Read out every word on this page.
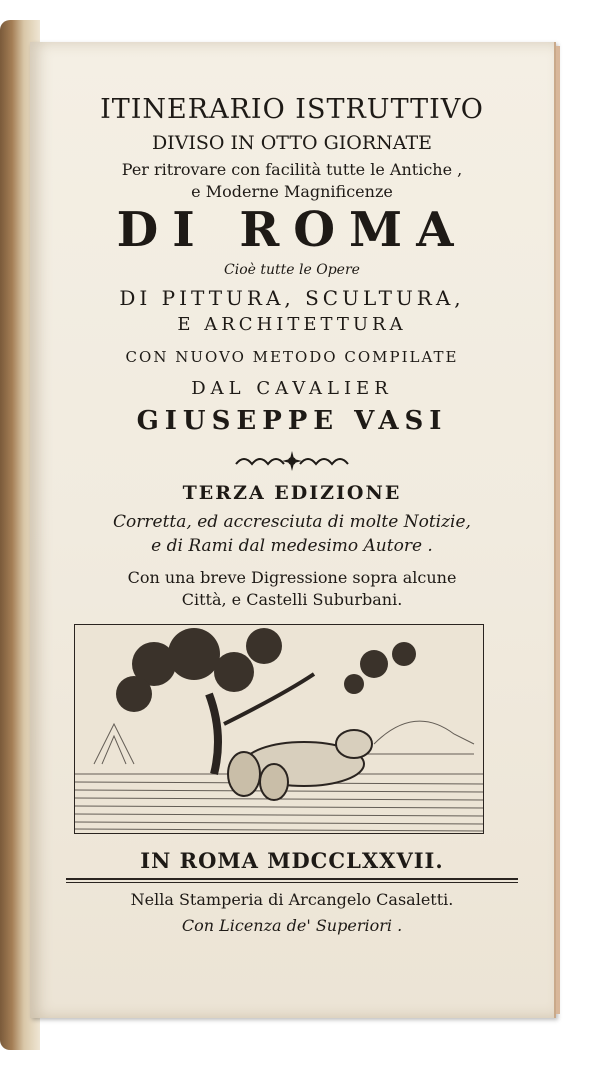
ITINERARIO ISTRUTTIVO
DIVISO IN OTTO GIORNATE
Per ritrovare con facilità tutte le Antiche ,
e Moderne Magnificenze
DI ROMA
Cioè tutte le Opere
DI PITTURA, SCULTURA,
E ARCHITETTURA
CON NUOVO METODO COMPILATE
DAL CAVALIER
GIUSEPPE VASI
TERZA EDIZIONE
Corretta, ed accresciuta di molte Notizie,
e di Rami dal medesimo Autore .
Con una breve Digressione sopra alcune
Città, e Castelli Suburbani.
IN ROMA MDCCLXXVII.
Nella Stamperia di Arcangelo Casaletti.
Con Licenza de' Superiori .
